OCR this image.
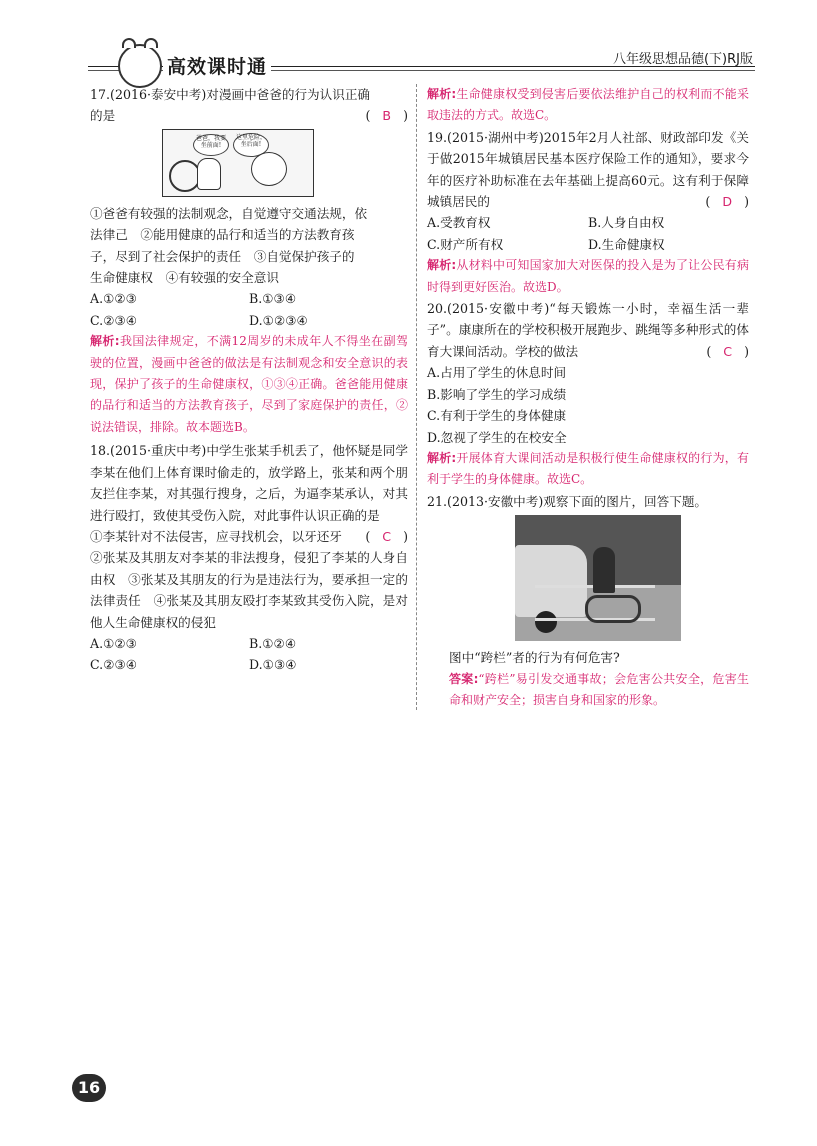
高效课时通	八年级思想品德(下)RJ版

17.(2016·泰安中考)对漫画中爸爸的行为认识正确

的是	(   B   )

爸爸，我要坐前面!
这里危险，坐后面!

①爸爸有较强的法制观念，自觉遵守交通法规，依

法律己　②能用健康的品行和适当的方法教育孩

子，尽到了社会保护的责任　③自觉保护孩子的

生命健康权　④有较强的安全意识

A.①②③	B.①③④
C.②③④	D.①②③④

解析:我国法律规定，不满12周岁的未成年人不得坐在副驾驶的位置，漫画中爸爸的做法是有法制观念和安全意识的表现，保护了孩子的生命健康权，①③④正确。爸爸能用健康的品行和适当的方法教育孩子，尽到了家庭保护的责任，②说法错误，排除。故本题选B。

18.(2015·重庆中考)中学生张某手机丢了，他怀疑是同学李某在他们上体育课时偷走的，放学路上，张某和两个朋友拦住李某，对其强行搜身，之后，为逼李某承认，对其进行殴打，致使其受伤入院，对此事件认识正确的是
(   C   )

①李某针对不法侵害，应寻找机会，以牙还牙
②张某及其朋友对李某的非法搜身，侵犯了李某的人身自由权　③张某及其朋友的行为是违法行为，要承担一定的法律责任　④张某及其朋友殴打李某致其受伤入院，是对他人生命健康权的侵犯

A.①②③	B.①②④
C.②③④	D.①③④

解析:生命健康权受到侵害后要依法维护自己的权利而不能采取违法的方式。故选C。

19.(2015·湖州中考)2015年2月人社部、财政部印发《关于做2015年城镇居民基本医疗保险工作的通知》，要求今年的医疗补助标准在去年基础上提高60元。这有利于保障城镇居民的	(   D   )

A.受教育权	B.人身自由权
C.财产所有权	D.生命健康权

解析:从材料中可知国家加大对医保的投入是为了让公民有病时得到更好医治。故选D。

20.(2015·安徽中考)“每天锻炼一小时，幸福生活一辈子”。康康所在的学校积极开展跑步、跳绳等多种形式的体育大课间活动。学校的做法	(   C   )

A.占用了学生的休息时间

B.影响了学生的学习成绩

C.有利于学生的身体健康

D.忽视了学生的在校安全

解析:开展体育大课间活动是积极行使生命健康权的行为，有利于学生的身体健康。故选C。

21.(2013·安徽中考)观察下面的图片，回答下题。

图中“跨栏”者的行为有何危害?

答案:“跨栏”易引发交通事故；会危害公共安全，危害生命和财产安全；损害自身和国家的形象。

16
